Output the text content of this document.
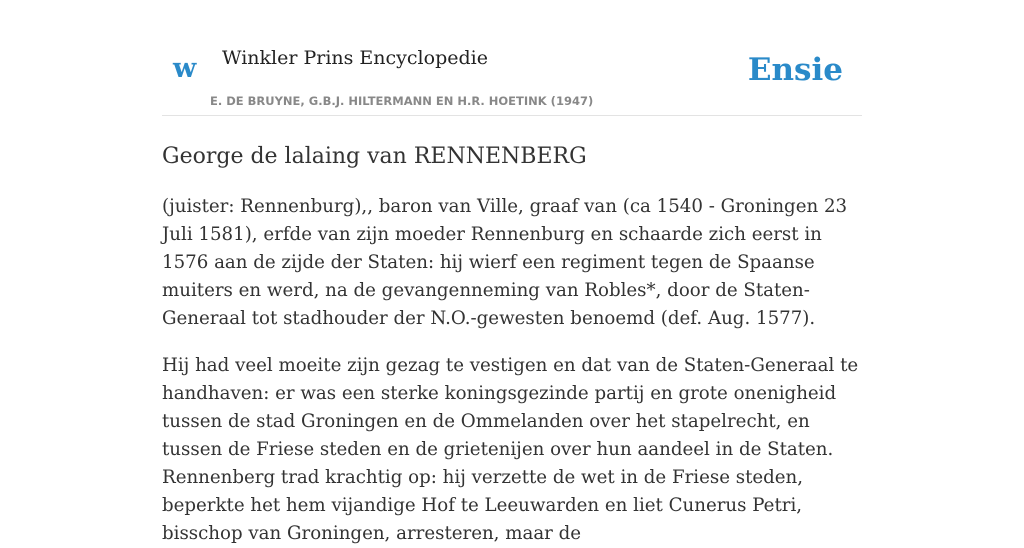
w Winkler Prins Encyclopedie	Ensie
E. DE BRUYNE, G.B.J. HILTERMANN EN H.R. HOETINK (1947)
George de lalaing van RENNENBERG

(juister: Rennenburg),, baron van Ville, graaf van (ca 1540 - Groningen 23 Juli 1581), erfde van zijn moeder Rennenburg en schaarde zich eerst in 1576 aan de zijde der Staten: hij wierf een regiment tegen de Spaanse muiters en werd, na de gevangenneming van Robles*, door de Staten-Generaal tot stadhouder der N.O.-gewesten benoemd (def. Aug. 1577).

Hij had veel moeite zijn gezag te vestigen en dat van de Staten-Generaal te handhaven: er was een sterke koningsgezinde partij en grote onenigheid tussen de stad Groningen en de Ommelanden over het stapelrecht, en tussen de Friese steden en de grietenijen over hun aandeel in de Staten. Rennenberg trad krachtig op: hij verzette de wet in de Friese steden, beperkte het hem vijandige Hof te Leeuwarden en liet Cunerus Petri, bisschop van Groningen, arresteren, maar de
